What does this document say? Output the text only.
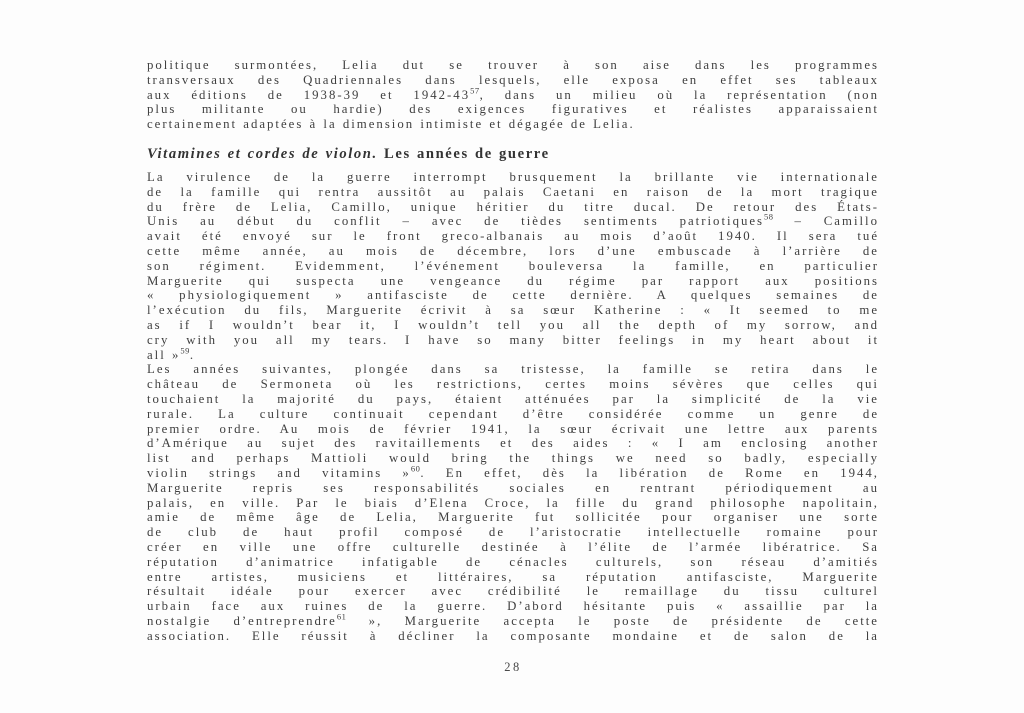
politique surmontées, Lelia dut se trouver à son aise dans les programmes
transversaux des Quadriennales dans lesquels, elle exposa en effet ses tableaux
aux éditions de 1938-39 et $1942-43^{57}$, dans un milieu où la représentation (non
plus militante ou hardie) des exigences figuratives et réalistes apparaissaient
certainement adaptées à la dimension intimiste et dégagée de Lelia.
Vitamines et cordes de violon. Les années de guerre
La virulence de la guerre interrompt brusquement la brillante vie internationale
de la famille qui rentra aussitôt au palais Caetani en raison de la mort tragique
du frère de Lelia, Camillo, unique héritier du titre ducal. De retour des États-
Unis au début du conflit – avec de tièdes sentiments patriotiques$^{58}$ – Camillo
avait été envoyé sur le front greco-albanais au mois d’août 1940. Il sera tué
cette même année, au mois de décembre, lors d’une embuscade à l’arrière de
son régiment. Evidemment, l’événement bouleversa la famille, en particulier
Marguerite qui suspecta une vengeance du régime par rapport aux positions
« physiologiquement » antifasciste de cette dernière. A quelques semaines de
l’exécution du fils, Marguerite écrivit à sa sœur Katherine : « It seemed to me
as if I wouldn’t bear it, I wouldn’t tell you all the depth of my sorrow, and
cry with you all my tears. I have so many bitter feelings in my heart about it
all »$^{59}$.
Les années suivantes, plongée dans sa tristesse, la famille se retira dans le
château de Sermoneta où les restrictions, certes moins sévères que celles qui
touchaient la majorité du pays, étaient atténuées par la simplicité de la vie
rurale. La culture continuait cependant d’être considérée comme un genre de
premier ordre. Au mois de février 1941, la sœur écrivait une lettre aux parents
d’Amérique au sujet des ravitaillements et des aides : « I am enclosing another
list and perhaps Mattioli would bring the things we need so badly, especially
violin strings and vitamins »$^{60}$. En effet, dès la libération de Rome en 1944,
Marguerite repris ses responsabilités sociales en rentrant périodiquement au
palais, en ville. Par le biais d’Elena Croce, la fille du grand philosophe napolitain,
amie de même âge de Lelia, Marguerite fut sollicitée pour organiser une sorte
de club de haut profil composé de l’aristocratie intellectuelle romaine pour
créer en ville une offre culturelle destinée à l’élite de l’armée libératrice. Sa
réputation d’animatrice infatigable de cénacles culturels, son réseau d’amitiés
entre artistes, musiciens et littéraires, sa réputation antifasciste, Marguerite
résultait idéale pour exercer avec crédibilité le remaillage du tissu culturel
urbain face aux ruines de la guerre. D’abord hésitante puis « assaillie par la
nostalgie d’entreprendre$^{61}$ », Marguerite accepta le poste de présidente de cette
association. Elle réussit à décliner la composante mondaine et de salon de la
28
